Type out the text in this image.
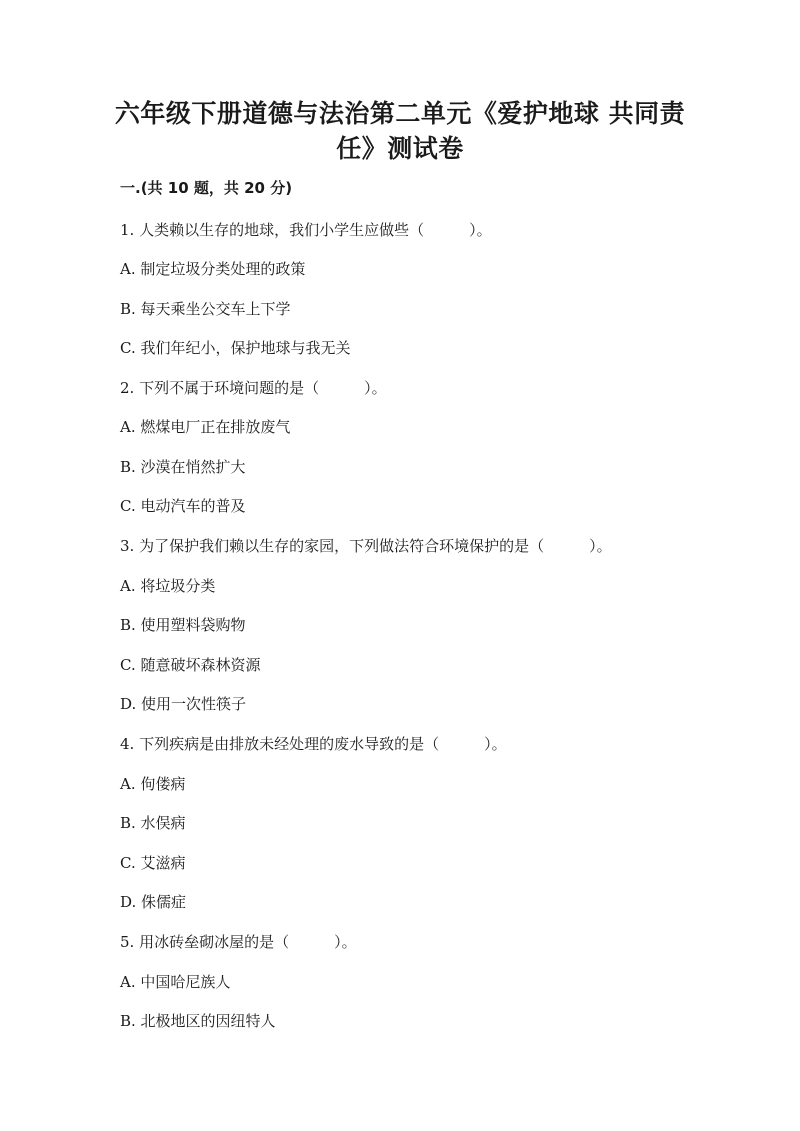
六年级下册道德与法治第二单元《爱护地球 共同责
任》测试卷
一.(共 10 题，共 20 分)
1. 人类赖以生存的地球，我们小学生应做些（　　　）。
A. 制定垃圾分类处理的政策
B. 每天乘坐公交车上下学
C. 我们年纪小，保护地球与我无关
2. 下列不属于环境问题的是（　　　）。
A. 燃煤电厂正在排放废气
B. 沙漠在悄然扩大
C. 电动汽车的普及
3. 为了保护我们赖以生存的家园，下列做法符合环境保护的是（　　　）。
A. 将垃圾分类
B. 使用塑料袋购物
C. 随意破坏森林资源
D. 使用一次性筷子
4. 下列疾病是由排放未经处理的废水导致的是（　　　）。
A. 佝偻病
B. 水俣病
C. 艾滋病
D. 侏儒症
5. 用冰砖垒砌冰屋的是（　　　）。
A. 中国哈尼族人
B. 北极地区的因纽特人
